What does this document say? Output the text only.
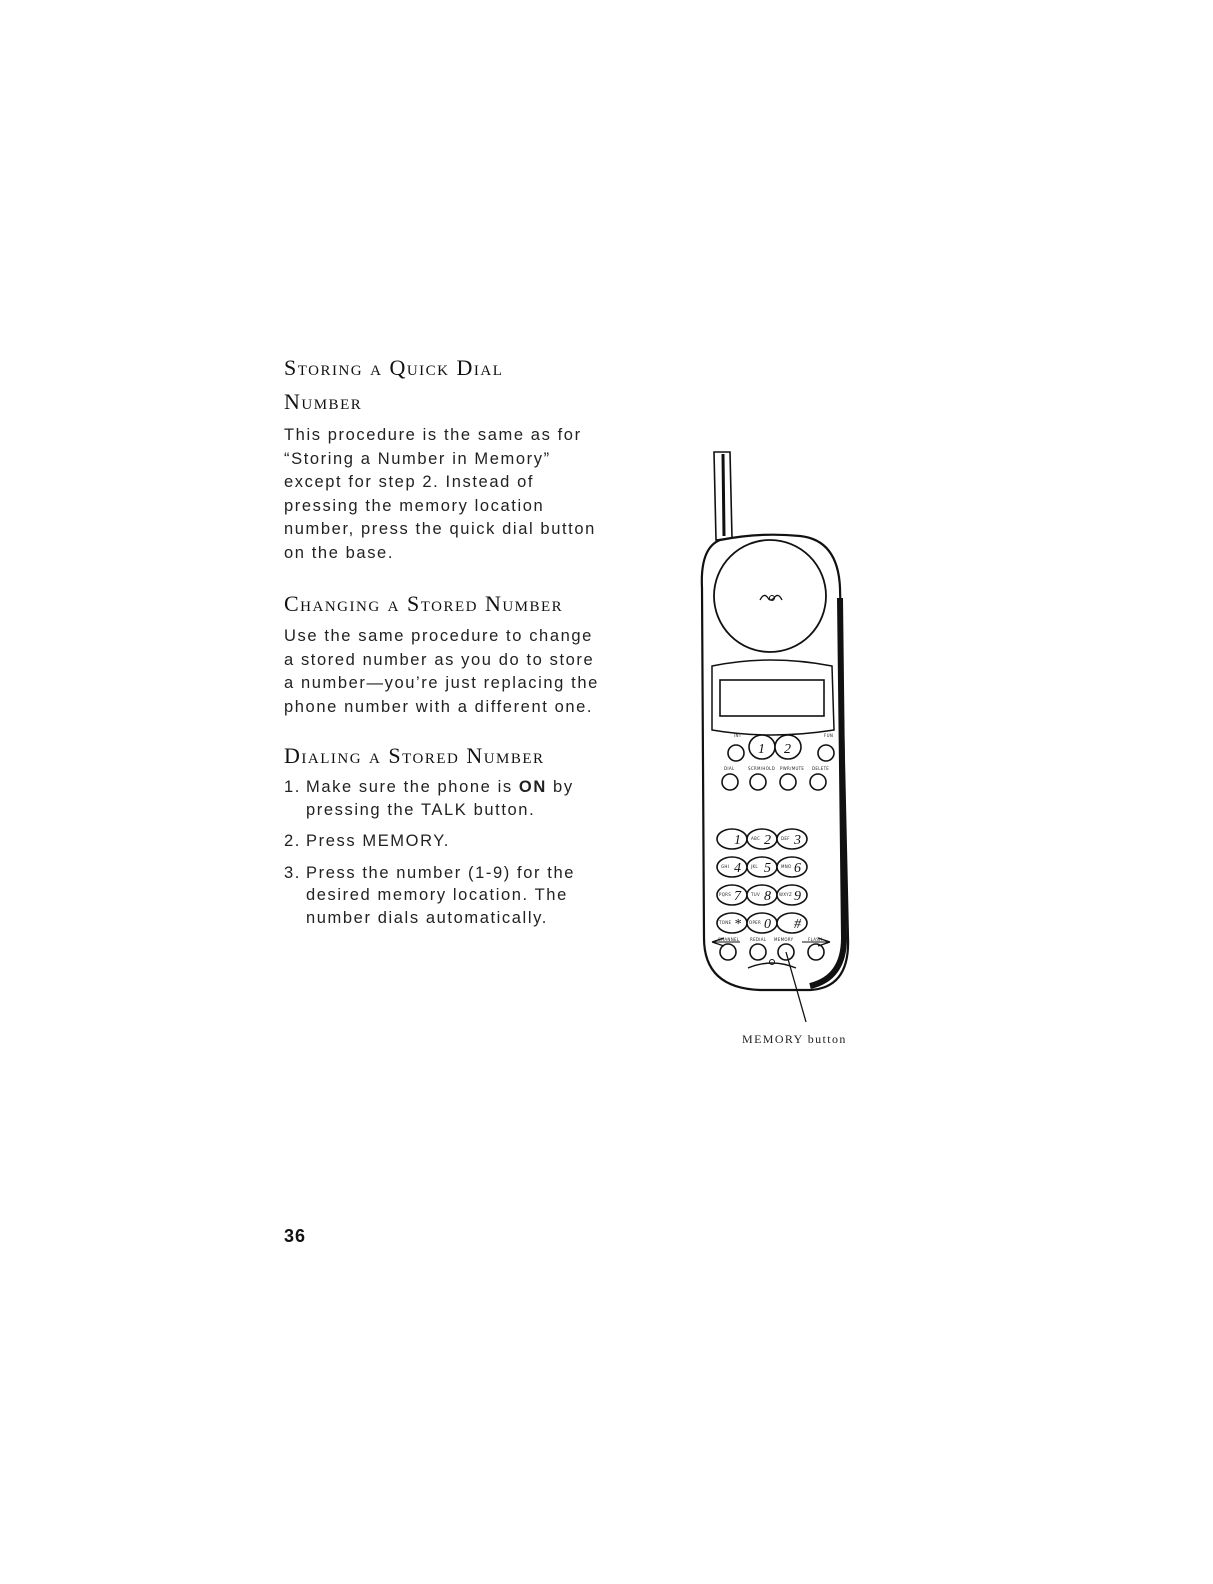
Storing a Quick Dial
Number

This procedure is the same as for “Storing a Number in Memory” except for step 2. Instead of pressing the memory location number, press the quick dial button on the base.

Changing a Stored Number

Use the same procedure to change a stored number as you do to store a number—you’re just replacing the phone number with a different one.

Dialing a Stored Number
1. Make sure the phone is ON by pressing the TALK button.
2. Press MEMORY.
3. Press the number (1-9) for the desired memory location. The number dials automatically.
INT	FUN
1 2
DIAL	SCRM/HOLD PWR/MUTE DELETE
1 2 3
4 5 6
7 8 9
* 0 #
ABC	DEF
GHI	JKL	MNO
PQRS	TUV	WXYZ
TONE	OPER
CHANNEL	REDIAL MEMORY	FLASH

MEMORY button

36
